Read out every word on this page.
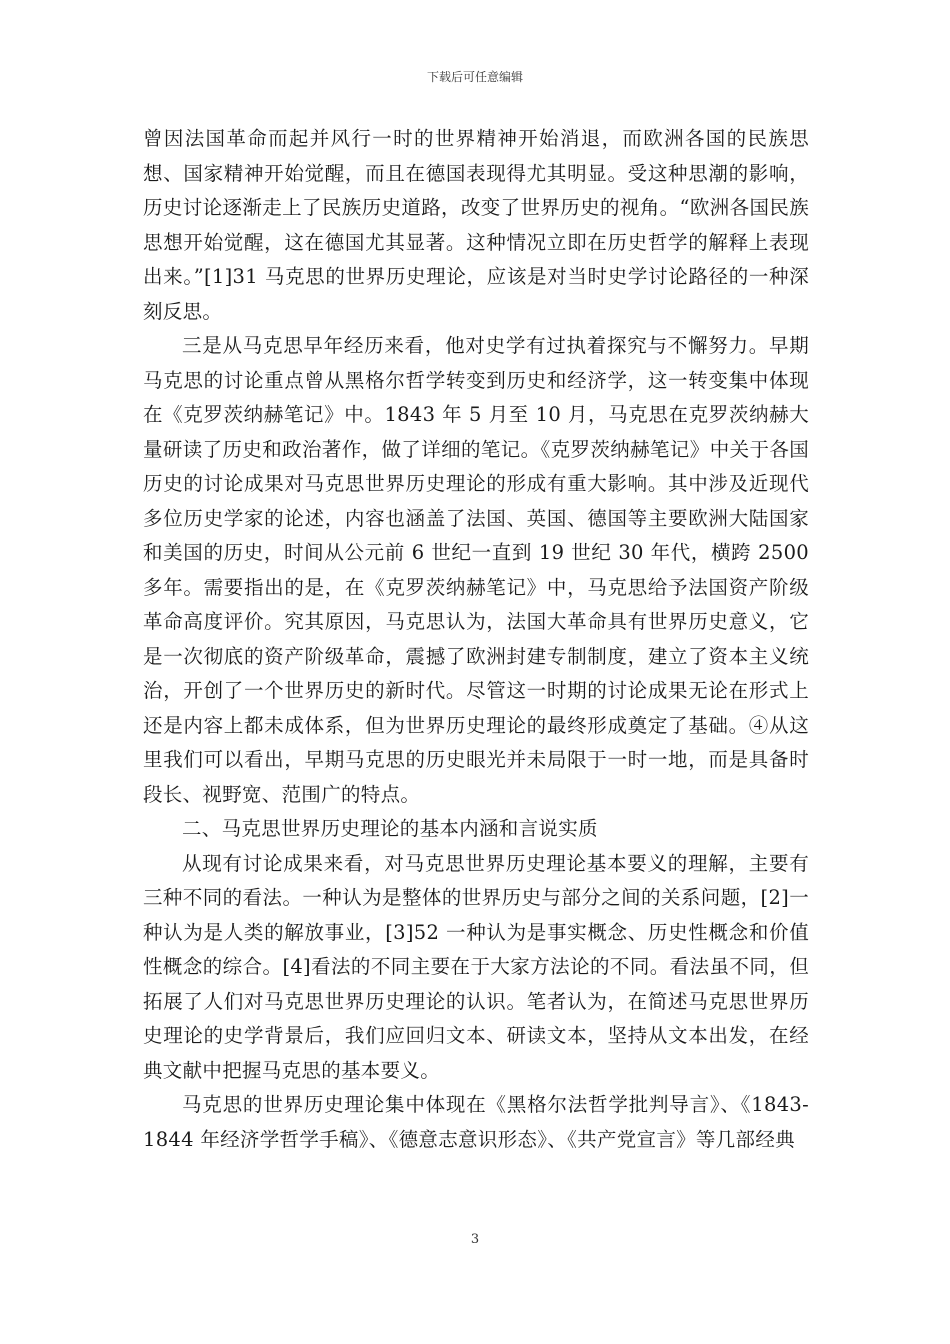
下载后可任意编辑

曾因法国革命而起并风行一时的世界精神开始消退，而欧洲各国的民族思想、国家精神开始觉醒，而且在德国表现得尤其明显。受这种思潮的影响，历史讨论逐渐走上了民族历史道路，改变了世界历史的视角。“欧洲各国民族思想开始觉醒，这在德国尤其显著。这种情况立即在历史哲学的解释上表现出来。”[1]31 马克思的世界历史理论，应该是对当时史学讨论路径的一种深刻反思。

三是从马克思早年经历来看，他对史学有过执着探究与不懈努力。早期马克思的讨论重点曾从黑格尔哲学转变到历史和经济学，这一转变集中体现在《克罗茨纳赫笔记》中。1843 年 5 月至 10 月，马克思在克罗茨纳赫大量研读了历史和政治著作，做了详细的笔记。《克罗茨纳赫笔记》中关于各国历史的讨论成果对马克思世界历史理论的形成有重大影响。其中涉及近现代多位历史学家的论述，内容也涵盖了法国、英国、德国等主要欧洲大陆国家和美国的历史，时间从公元前 6 世纪一直到 19 世纪 30 年代，横跨 2500 多年。需要指出的是，在《克罗茨纳赫笔记》中，马克思给予法国资产阶级革命高度评价。究其原因，马克思认为，法国大革命具有世界历史意义，它是一次彻底的资产阶级革命，震撼了欧洲封建专制制度，建立了资本主义统治，开创了一个世界历史的新时代。尽管这一时期的讨论成果无论在形式上还是内容上都未成体系，但为世界历史理论的最终形成奠定了基础。④从这里我们可以看出，早期马克思的历史眼光并未局限于一时一地，而是具备时段长、视野宽、范围广的特点。

二、马克思世界历史理论的基本内涵和言说实质

从现有讨论成果来看，对马克思世界历史理论基本要义的理解，主要有三种不同的看法。一种认为是整体的世界历史与部分之间的关系问题，[2]一种认为是人类的解放事业，[3]52 一种认为是事实概念、历史性概念和价值性概念的综合。[4]看法的不同主要在于大家方法论的不同。看法虽不同，但拓展了人们对马克思世界历史理论的认识。笔者认为，在简述马克思世界历史理论的史学背景后，我们应回归文本、研读文本，坚持从文本出发，在经典文献中把握马克思的基本要义。

马克思的世界历史理论集中体现在《黑格尔法哲学批判导言》、《1843-1844 年经济学哲学手稿》、《德意志意识形态》、《共产党宣言》等几部经典

3
